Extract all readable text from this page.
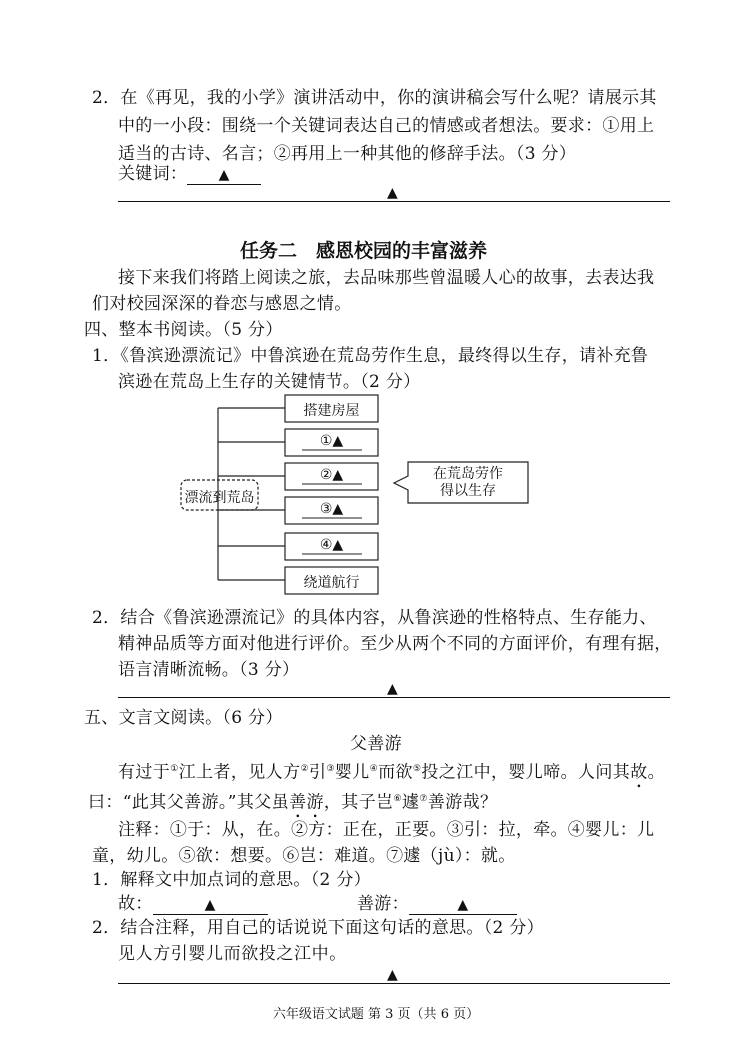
2．在《再见，我的小学》演讲活动中，你的演讲稿会写什么呢？请展示其
中的一小段：围绕一个关键词表达自己的情感或者想法。要求：①用上
适当的古诗、名言；②再用上一种其他的修辞手法。（3 分）
关键词： ▲
▲
任务二　感恩校园的丰富滋养
接下来我们将踏上阅读之旅，去品味那些曾温暖人心的故事，去表达我
们对校园深深的眷恋与感恩之情。
四、整本书阅读。（5 分）
1．《鲁滨逊漂流记》中鲁滨逊在荒岛劳作生息，最终得以生存，请补充鲁
滨逊在荒岛上生存的关键情节。（2 分）
漂流到荒岛
搭建房屋
①▲
②▲
③▲
④▲
绕道航行
在荒岛劳作
得以生存
2．结合《鲁滨逊漂流记》的具体内容，从鲁滨逊的性格特点、生存能力、
精神品质等方面对他进行评价。至少从两个不同的方面评价，有理有据，
语言清晰流畅。（3 分）
▲
五、文言文阅读。（6 分）
父善游
有过于①江上者，见人方②引③婴儿④而欲⑤投之江中，婴儿啼。人问其故。
曰：“此其父善游。”其父虽善游，其子岂⑥遽⑦善游哉？
注释：①于：从，在。②方：正在，正要。③引：拉，牵。④婴儿：儿
童，幼儿。⑤欲：想要。⑥岂：难道。⑦遽（jù）：就。
1．解释文中加点词的意思。（2 分）
故：	▲	善游：	▲
2．结合注释，用自己的话说说下面这句话的意思。（2 分）
见人方引婴儿而欲投之江中。
▲
六年级语文试题 第 3 页（共 6 页）
